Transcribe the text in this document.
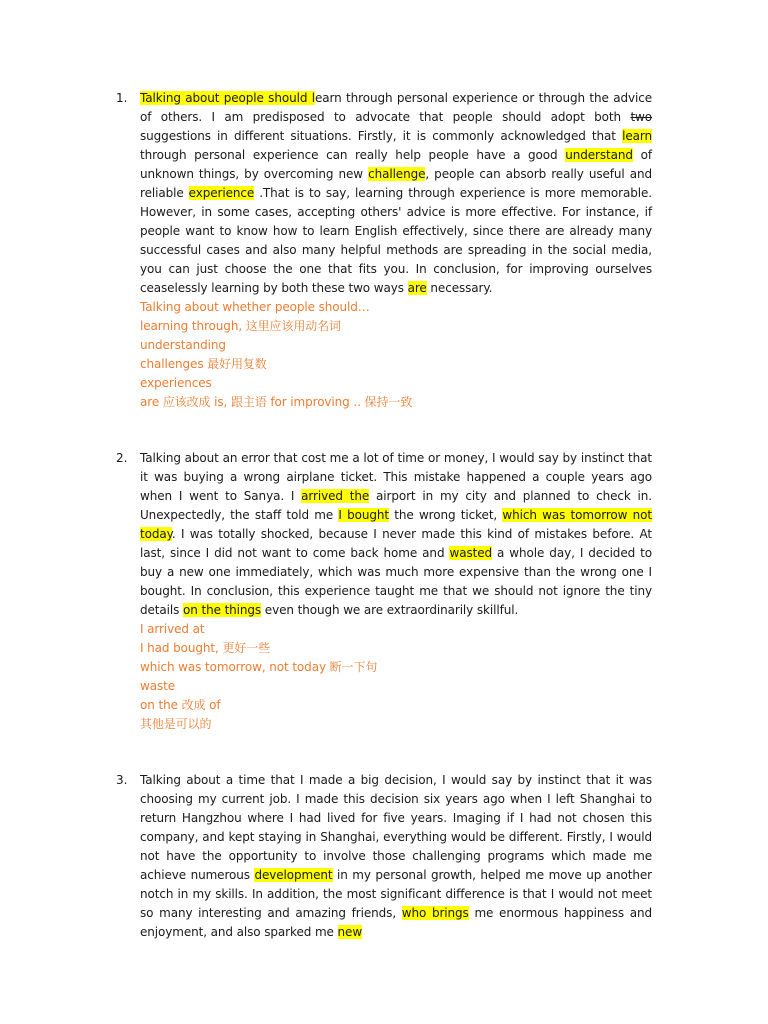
1. Talking about people should learn through personal experience or through the advice of others. I am predisposed to advocate that people should adopt both two suggestions in different situations. Firstly, it is commonly acknowledged that learn through personal experience can really help people have a good understand of unknown things, by overcoming new challenge, people can absorb really useful and reliable experience .That is to say, learning through experience is more memorable. However, in some cases, accepting others' advice is more effective. For instance, if people want to know how to learn English effectively, since there are already many successful cases and also many helpful methods are spreading in the social media, you can just choose the one that fits you. In conclusion, for improving ourselves ceaselessly learning by both these two ways are necessary.
Talking about whether people should…
learning through, 这里应该用动名词
understanding
challenges 最好用复数
experiences
are 应该改成 is, 跟主语 for improving .. 保持一致
2. Talking about an error that cost me a lot of time or money, I would say by instinct that it was buying a wrong airplane ticket. This mistake happened a couple years ago when I went to Sanya. I arrived the airport in my city and planned to check in. Unexpectedly, the staff told me I bought the wrong ticket, which was tomorrow not today. I was totally shocked, because I never made this kind of mistakes before. At last, since I did not want to come back home and wasted a whole day, I decided to buy a new one immediately, which was much more expensive than the wrong one I bought. In conclusion, this experience taught me that we should not ignore the tiny details on the things even though we are extraordinarily skillful.
I arrived at
I had bought, 更好一些
which was tomorrow, not today 断一下句
waste
on the 改成 of
其他是可以的
3. Talking about a time that I made a big decision, I would say by instinct that it was choosing my current job. I made this decision six years ago when I left Shanghai to return Hangzhou where I had lived for five years. Imaging if I had not chosen this company, and kept staying in Shanghai, everything would be different. Firstly, I would not have the opportunity to involve those challenging programs which made me achieve numerous development in my personal growth, helped me move up another notch in my skills. In addition, the most significant difference is that I would not meet so many interesting and amazing friends, who brings me enormous happiness and enjoyment, and also sparked me new
